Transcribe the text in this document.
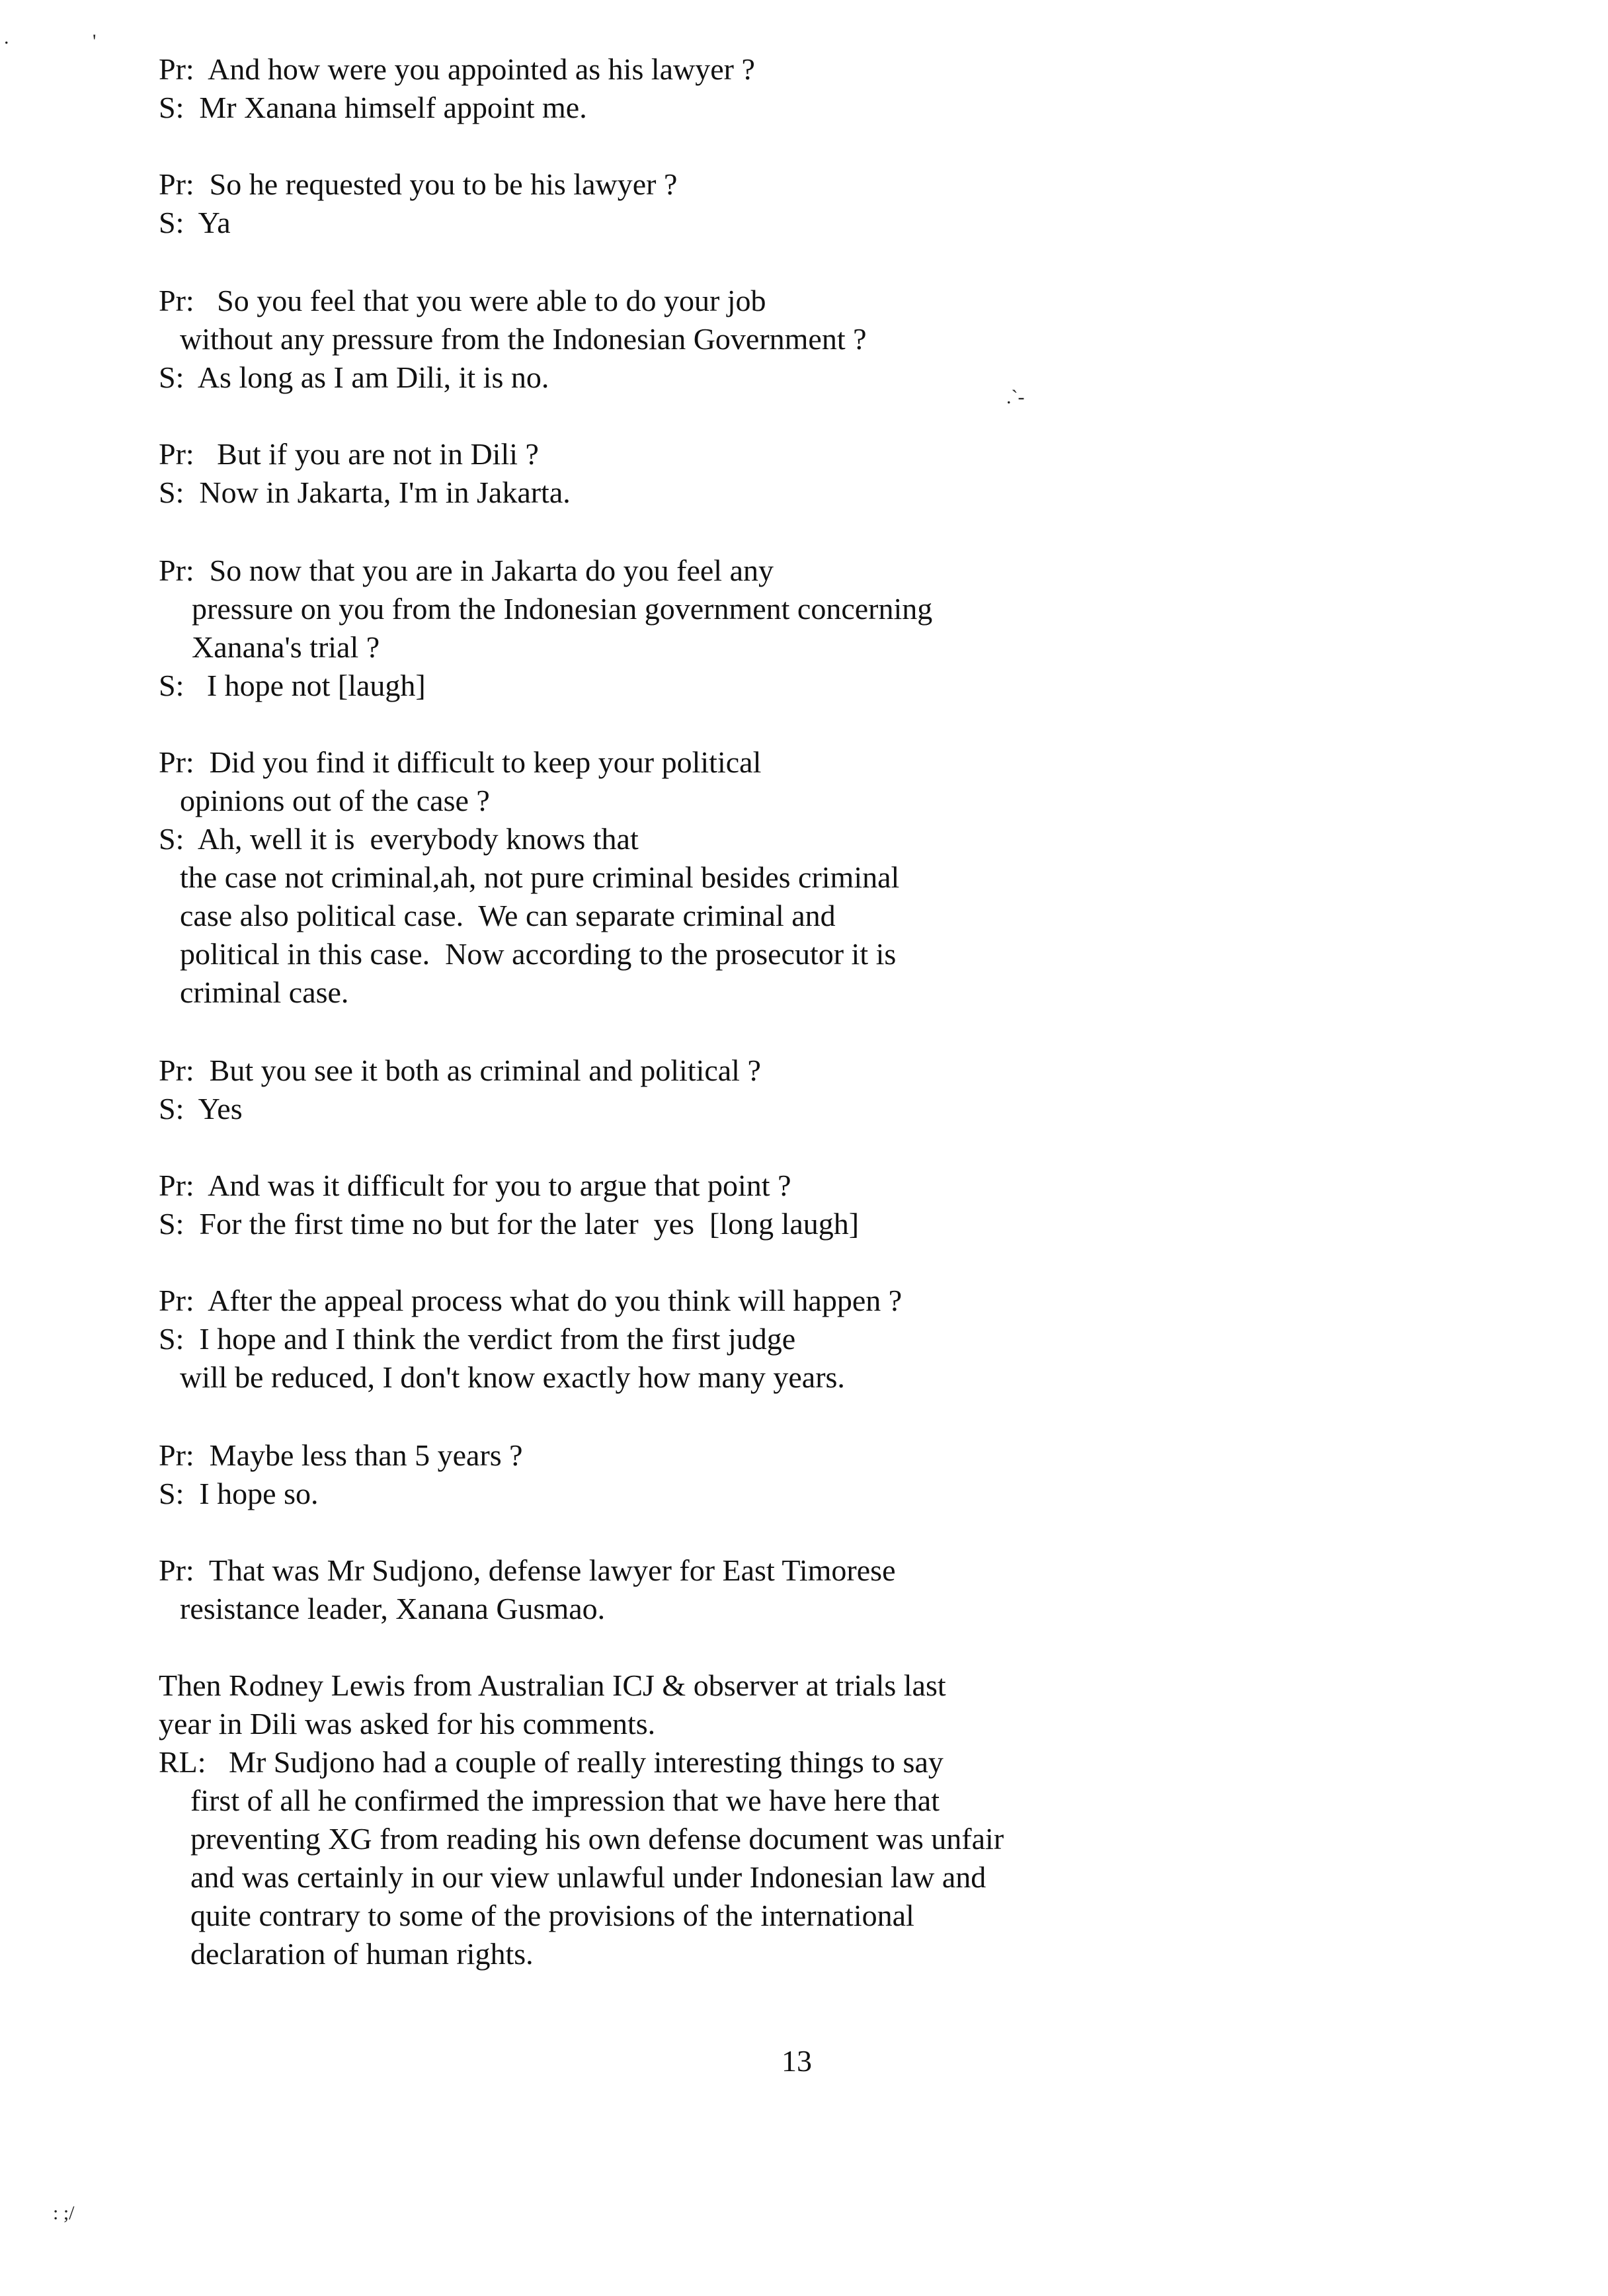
.	'
.`-
: ;/
Pr:  And how were you appointed as his lawyer ?
S:  Mr Xanana himself appoint me.
Pr:  So he requested you to be his lawyer ?
S:  Ya
Pr:   So you feel that you were able to do your job
without any pressure from the Indonesian Government ?
S:  As long as I am Dili, it is no.
Pr:   But if you are not in Dili ?
S:  Now in Jakarta, I'm in Jakarta.
Pr:  So now that you are in Jakarta do you feel any
pressure on you from the Indonesian government concerning
Xanana's trial ?
S:   I hope not [laugh]
Pr:  Did you find it difficult to keep your political
opinions out of the case ?
S:  Ah, well it is  everybody knows that
the case not criminal,ah, not pure criminal besides criminal
case also political case.  We can separate criminal and
political in this case.  Now according to the prosecutor it is
criminal case.
Pr:  But you see it both as criminal and political ?
S:  Yes
Pr:  And was it difficult for you to argue that point ?
S:  For the first time no but for the later  yes  [long laugh]
Pr:  After the appeal process what do you think will happen ?
S:  I hope and I think the verdict from the first judge
will be reduced, I don't know exactly how many years.
Pr:  Maybe less than 5 years ?
S:  I hope so.
Pr:  That was Mr Sudjono, defense lawyer for East Timorese
resistance leader, Xanana Gusmao.
Then Rodney Lewis from Australian ICJ & observer at trials last
year in Dili was asked for his comments.
RL:   Mr Sudjono had a couple of really interesting things to say
first of all he confirmed the impression that we have here that
preventing XG from reading his own defense document was unfair
and was certainly in our view unlawful under Indonesian law and
quite contrary to some of the provisions of the international
declaration of human rights.
13
